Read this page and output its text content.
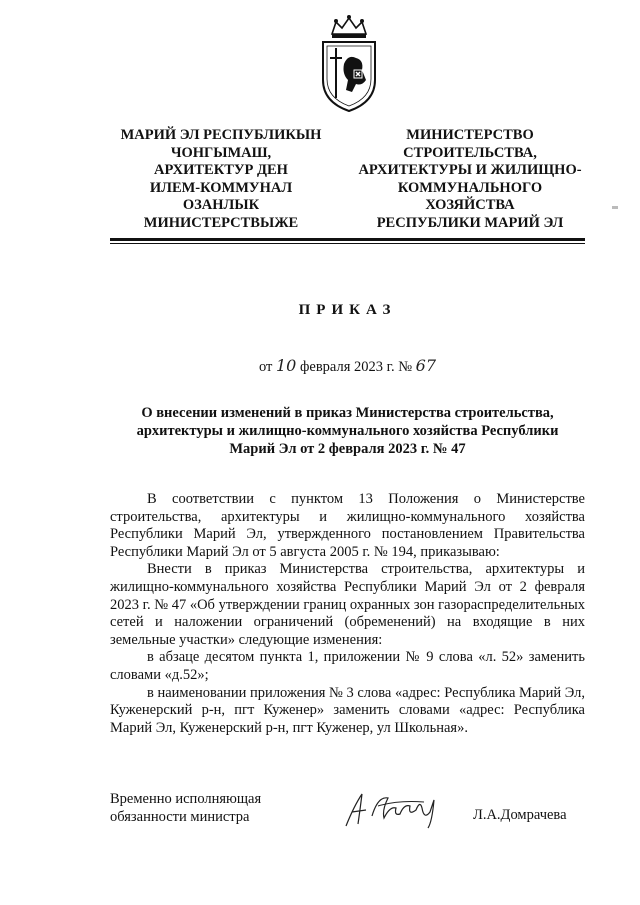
МАРИЙ ЭЛ РЕСПУБЛИКЫН
ЧОНГЫМАШ,
АРХИТЕКТУР ДЕН
ИЛЕМ-КОММУНАЛ
ОЗАНЛЫК
МИНИСТЕРСТВЫЖЕ
МИНИСТЕРСТВО
СТРОИТЕЛЬСТВА,
АРХИТЕКТУРЫ И ЖИЛИЩНО-
КОММУНАЛЬНОГО
ХОЗЯЙСТВА
РЕСПУБЛИКИ МАРИЙ ЭЛ
ПРИКАЗ
от 10 февраля 2023 г. № 67
О внесении изменений в приказ Министерства строительства,
архитектуры и жилищно-коммунального хозяйства Республики
Марий Эл от 2 февраля 2023 г. № 47

В соответствии с пунктом 13 Положения о Министерстве строительства, архитектуры и жилищно-коммунального хозяйства Республики Марий Эл, утвержденного постановлением Правительства Республики Марий Эл от 5 августа 2005 г. № 194, приказываю:

Внести в приказ Министерства строительства, архитектуры и жилищно-коммунального хозяйства Республики Марий Эл от 2 февраля 2023 г. № 47 «Об утверждении границ охранных зон газораспределительных сетей и наложении ограничений (обременений) на входящие в них земельные участки» следующие изменения:

в абзаце десятом пункта 1, приложении № 9 слова «л. 52» заменить словами «д.52»;

в наименовании приложения № 3 слова «адрес: Республика Марий Эл, Куженерский р-н, пгт Куженер» заменить словами «адрес: Республика Марий Эл, Куженерский р-н, пгт Куженер, ул Школьная».

Временно исполняющая
обязанности министра	Л.А.Домрачева
